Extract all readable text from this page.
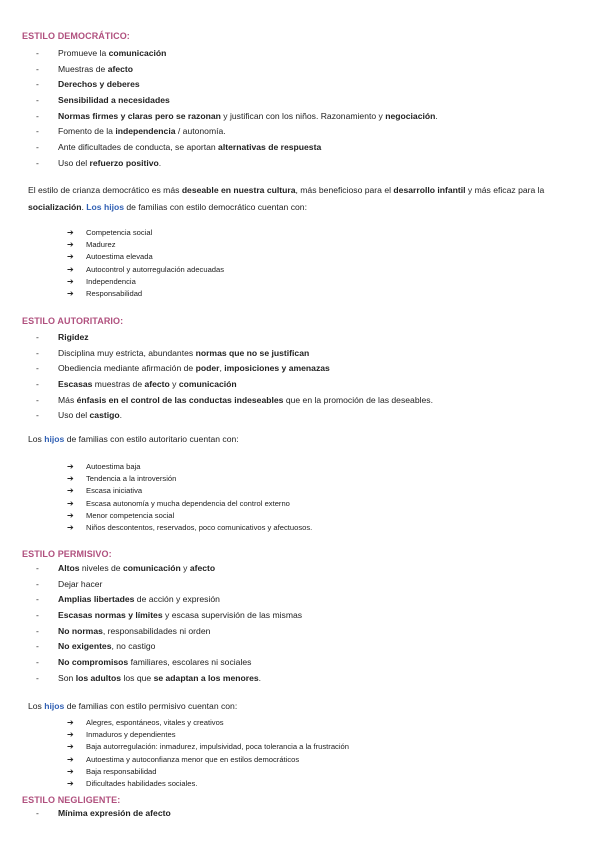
ESTILO DEMOCRÁTICO:
- Promueve la comunicación
- Muestras de afecto
- Derechos y deberes
- Sensibilidad a necesidades
- Normas firmes y claras pero se razonan y justifican con los niños. Razonamiento y negociación.
- Fomento de la independencia / autonomía.
- Ante dificultades de conducta, se aportan alternativas de respuesta
- Uso del refuerzo positivo.
El estilo de crianza democrático es más deseable en nuestra cultura, más beneficioso para el desarrollo infantil y más eficaz para la socialización. Los hijos de familias con estilo democrático cuentan con:
➔ Competencia social
➔ Madurez
➔ Autoestima elevada
➔ Autocontrol y autorregulación adecuadas
➔ Independencia
➔ Responsabilidad
ESTILO AUTORITARIO:
- Rigidez
- Disciplina muy estricta, abundantes normas que no se justifican
- Obediencia mediante afirmación de poder, imposiciones y amenazas
- Escasas muestras de afecto y comunicación
- Más énfasis en el control de las conductas indeseables que en la promoción de las deseables.
- Uso del castigo.
Los hijos de familias con estilo autoritario cuentan con:
➔ Autoestima baja
➔ Tendencia a la introversión
➔ Escasa iniciativa
➔ Escasa autonomía y mucha dependencia del control externo
➔ Menor competencia social
➔ Niños descontentos, reservados, poco comunicativos y afectuosos.
ESTILO PERMISIVO:
- Altos niveles de comunicación y afecto
- Dejar hacer
- Amplias libertades de acción y expresión
- Escasas normas y límites y escasa supervisión de las mismas
- No normas, responsabilidades ni orden
- No exigentes, no castigo
- No compromisos familiares, escolares ni sociales
- Son los adultos los que se adaptan a los menores.
Los hijos de familias con estilo permisivo cuentan con:
➔ Alegres, espontáneos, vitales y creativos
➔ Inmaduros y dependientes
➔ Baja autorregulación: inmadurez, impulsividad, poca tolerancia a la frustración
➔ Autoestima y autoconfianza menor que en estilos democráticos
➔ Baja responsabilidad
➔ Dificultades habilidades sociales.
ESTILO NEGLIGENTE:
- Mínima expresión de afecto
